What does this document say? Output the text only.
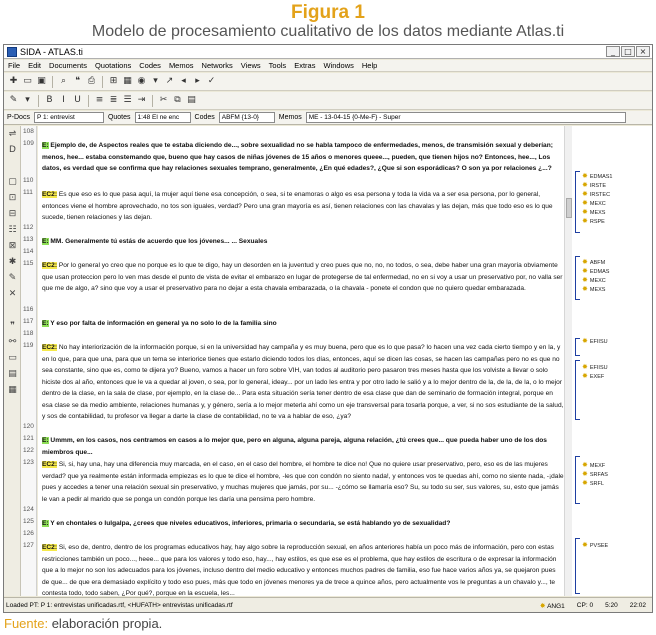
Figura 1
Modelo de procesamiento cualitativo de los datos mediante Atlas.ti
SIDA - ATLAS.ti	_	□ ×
File	Edit	Documents	Quotations	Codes	Memos	Networks	Views	Tools	Extras	Windows	Help
✚ ▭ ▣	⌕	❝ ⎙ ⊞ ▦ ◉ ▾ ↗ ◂	▸ ✓
✎ ▾	B	I	U ≡ ≣ ☰ ⇥ ✂ ⧉ ▤
P-Docs	P 1: entrevist	Quotes	1:48 El ne enc	Codes	ABFM {13-0}	Memos	ME - 13-04-15 {0-Me-F} - Super
⇌
D
▢
⊡
⊟
☷
⊠
✱
✎
✕
❞
⚯
▭
▤
▦
108
109
110
111
112
113
114
115
116
117
118
119
120
121
122
123
124
125
126
127
E: Ejemplo de, de Aspectos reales que te estaba diciendo de..., sobre sexualidad no se habla tampoco de enfermedades, menos, de transmisión sexual y deberían; menos, hee... estaba constemando que, bueno que hay casos de niñas jóvenes de 15 años o menores queee..., pueden, que tienen hijos no? Entonces, hee..., Los datos, es verdad que se confirma que hay relaciones sexuales temprano, generalmente, ¿En qué edades?, ¿Que si son esporádicas? O son ya por relaciones ¿...?
EC2: Es que eso es lo que pasa aquí, la mujer aquí tiene esa concepción, o sea, si te enamoras o algo es esa persona y toda la vida va a ser esa persona, por lo general, entonces viene el hombre aprovechado, no tos son iguales, verdad? Pero una gran mayoría es así, tienen relaciones con las chavalas y las dejan, más que todo eso es lo que sucede, tienen relaciones y las dejan.
E: MM. Generalmente tú estás de acuerdo que los jóvenes... ... Sexuales
EC2: Por lo general yo creo que no porque es lo que te digo, hay un desorden en la juventud y creo pues que no, no, no todos, o sea, debe haber una gran mayoría obviamente que usan proteccion pero lo ven mas desde el punto de vista de evitar el embarazo en lugar de protegerse de tal enfermedad, no en si voy a usar un preservativo por, no valla ser que me de algo, a? sino que voy a usar el preservativo para no dejar a esta chavala embarazada, o la chavala - ponete el condon que no quiero quedar embarazada.
E: Y eso por falta de información en general ya no solo lo de la familia sino
EC2: No hay interiorización de la información porque, si en la universidad hay campaña y es muy buena, pero que es lo que pasa? lo hacen una vez cada cierto tiempo y en la, y en lo que, para que una, para que un tema se interiorice tienes que estarlo diciendo todos los días, entonces, aquí se dicen las cosas, se hacen las campañas pero no es que no sea constante, sino que es, como te dijera yo? Bueno, vamos a hacer un foro sobre VIH, van todos al auditorio pero pasaron tres meses hasta que los volviste a llevar o solo hiciste dos al año, entonces que le va a quedar al joven, o sea, por lo general, ideay... por un lado les entra y por otro lado le salió y a lo mejor dentro de la, de la, de la, o lo mejor dentro de la clase, en la sala de clase, por ejemplo, en la clase de... Para esta situación sería tener dentro de esa clase que dan de seminario de formación integral, porque en esa clase se da medio ambiente, relaciones humanas y, y género, sería a lo mejor meterla ahí como un eje transversal para tosarla porque, a ver, si no sos estudiante de la salud, y sos de contabilidad, tu profesor va llegar a darte la clase de contabilidad, no te va a hablar de eso, ¿ya?
E: Ummm, en los casos, nos centramos en casos a lo mejor que, pero en alguna, alguna pareja, alguna relación, ¿tú crees que... que pueda haber uno de los dos miembros que...
EC2: Si, si, hay una, hay una diferencia muy marcada, en el caso, en el caso del hombre, el hombre te dice no! Que no quiere usar preservativo, pero, eso es de las mujeres verdad? que ya realmente están informada empiezas es lo que te dice el hombre, -les que con condón no siento nada!, y entonces vos te quedas ahí, como no siente nada, -¡dale pues y accedes a tener una relación sexual sin preservativo, y muchas mujeres que jamás, por su... -¿cómo se llamaría eso? Su, su todo su ser, sus valores, su, esto que jamás le van a pedir al marido que se ponga un condón porque les daría una pensima pero hombre.
E: Y en chontales o Iulgalpa, ¿crees que niveles educativos, inferiores, primaria o secundaria, se está hablando yo de sexualidad?
EC2: Si, eso de, dentro, dentro de los programas educativos hay, hay algo sobre la reproducción sexual, en años anteriores había un poco más de información, pero con estas restricciones también un poco..., heee... que para los valores y todo eso, hay..., hay estilos, es que ese es el problema, que hay estilos de escritura o de expresar la información que a lo mejor no son los adecuados para los jóvenes, incluso dentro del medio educativo y entonces muchos padres de familia, eso fue hace varios años ya, se quejaron pues de que... de que era demasiado explícito y todo eso pues, más que todo en jóvenes menores ya de trece a quince años, pero actualmente vos le preguntas a un chavalo y..., te contesta todo, todo saben, ¿Por qué?, porque en la escuela, les...
✸ EDMAS1
✸ IRSTE
✸ IRSTEC
✸ MEXC
✸ MEXS
✸ RSPE
✸ ABFM
✸ EDMAS
✸ MEXC
✸ MEXS
✸ EFIISU
✸ EFIISU
✸ EXEF
✸ MEXF
✸ SRFAS
✸ SRFL
✸ PVSEE
Loaded PT: P 1: entrevistas unificadas.rtf, <HUFATH> entrevistas unificadas.rtf	✸ ANG1	CP: 0	5:20	22:02
Fuente: elaboración propia.
